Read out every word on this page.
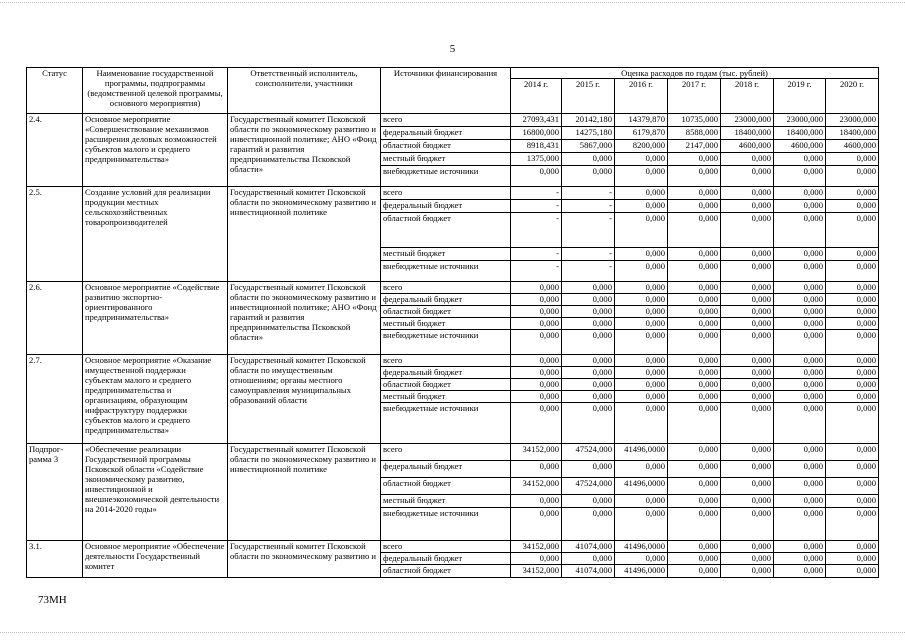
5
Статус	Наименование государственной программы, подпрограммы (ведомственной целевой программы, основного мероприятия)	Ответственный исполнитель, соисполнители, участники	Источники финансирования	Оценка расходов по годам (тыс. рублей)						
				2014 г.	2015 г.	2016 г.	2017 г.	2018 г.	2019 г.	2020 г.
2.4.	Основное мероприятие «Совершенствование механизмов расширения деловых возможностей субъектов малого и среднего предпринимательства»	Государственный комитет Псковской области по экономическому развитию и инвестиционной политике; АНО «Фонд гарантий и развития предпринимательства Псковской области»	всего	27093,431	20142,180	14379,870	10735,000	23000,000	23000,000	23000,000
			федеральный бюджет	16800,000	14275,180	6179,870	8588,000	18400,000	18400,000	18400,000
			областной бюджет	8918,431	5867,000	8200,000	2147,000	4600,000	4600,000	4600,000
			местный бюджет	1375,000	0,000	0,000	0,000	0,000	0,000	0,000
			внебюджетные источники	0,000	0,000	0,000	0,000	0,000	0,000	0,000
2.5.	Создание условий для реализации продукции местных сельскохозяйственных товаропроизводителей	Государственный комитет Псковской области по экономическому развитию и инвестиционной политике	всего	-	-	0,000	0,000	0,000	0,000	0,000
			федеральный бюджет	-	-	0,000	0,000	0,000	0,000	0,000
			областной бюджет	-	-	0,000	0,000	0,000	0,000	0,000
			местный бюджет	-	-	0,000	0,000	0,000	0,000	0,000
			внебюджетные источники	-	-	0,000	0,000	0,000	0,000	0,000
2.6.	Основное мероприятие «Содействие развитию экспортно-ориентированного предпринимательства»	Государственный комитет Псковской области по экономическому развитию и инвестиционной политике; АНО «Фонд гарантий и развития предпринимательства Псковской области»	всего	0,000	0,000	0,000	0,000	0,000	0,000	0,000
			федеральный бюджет	0,000	0,000	0,000	0,000	0,000	0,000	0,000
			областной бюджет	0,000	0,000	0,000	0,000	0,000	0,000	0,000
			местный бюджет	0,000	0,000	0,000	0,000	0,000	0,000	0,000
			внебюджетные источники	0,000	0,000	0,000	0,000	0,000	0,000	0,000
2.7.	Основное мероприятие «Оказание имущественной поддержки субъектам малого и среднего предпринимательства и организациям, образующим инфраструктуру поддержки субъектов малого и среднего предпринимательства»	Государственный комитет Псковской области по имущественным отношениям; органы местного самоуправления муниципальных образований области	всего	0,000	0,000	0,000	0,000	0,000	0,000	0,000
			федеральный бюджет	0,000	0,000	0,000	0,000	0,000	0,000	0,000
			областной бюджет	0,000	0,000	0,000	0,000	0,000	0,000	0,000
			местный бюджет	0,000	0,000	0,000	0,000	0,000	0,000	0,000
			внебюджетные источники	0,000	0,000	0,000	0,000	0,000	0,000	0,000
Подпрог-рамма 3	«Обеспечение реализации Государственной программы Псковской области «Содействие экономическому развитию, инвестиционной и внешнеэкономической деятельности на 2014-2020 годы»	Государственный комитет Псковской области по экономическому развитию и инвестиционной политике	всего	34152,000	47524,000	41496,0000	0,000	0,000	0,000	0,000
			федеральный бюджет	0,000	0,000	0,000	0,000	0,000	0,000	0,000
			областной бюджет	34152,000	47524,000	41496,0000	0,000	0,000	0,000	0,000
			местный бюджет	0,000	0,000	0,000	0,000	0,000	0,000	0,000
			внебюджетные источники	0,000	0,000	0,000	0,000	0,000	0,000	0,000
3.1.	Основное мероприятие «Обеспечение деятельности Государственный комитет	Государственный комитет Псковской области по экономическому развитию и	всего	34152,000	41074,000	41496,0000	0,000	0,000	0,000	0,000
			федеральный бюджет	0,000	0,000	0,000	0,000	0,000	0,000	0,000
			областной бюджет	34152,000	41074,000	41496,0000	0,000	0,000	0,000	0,000
73МН
